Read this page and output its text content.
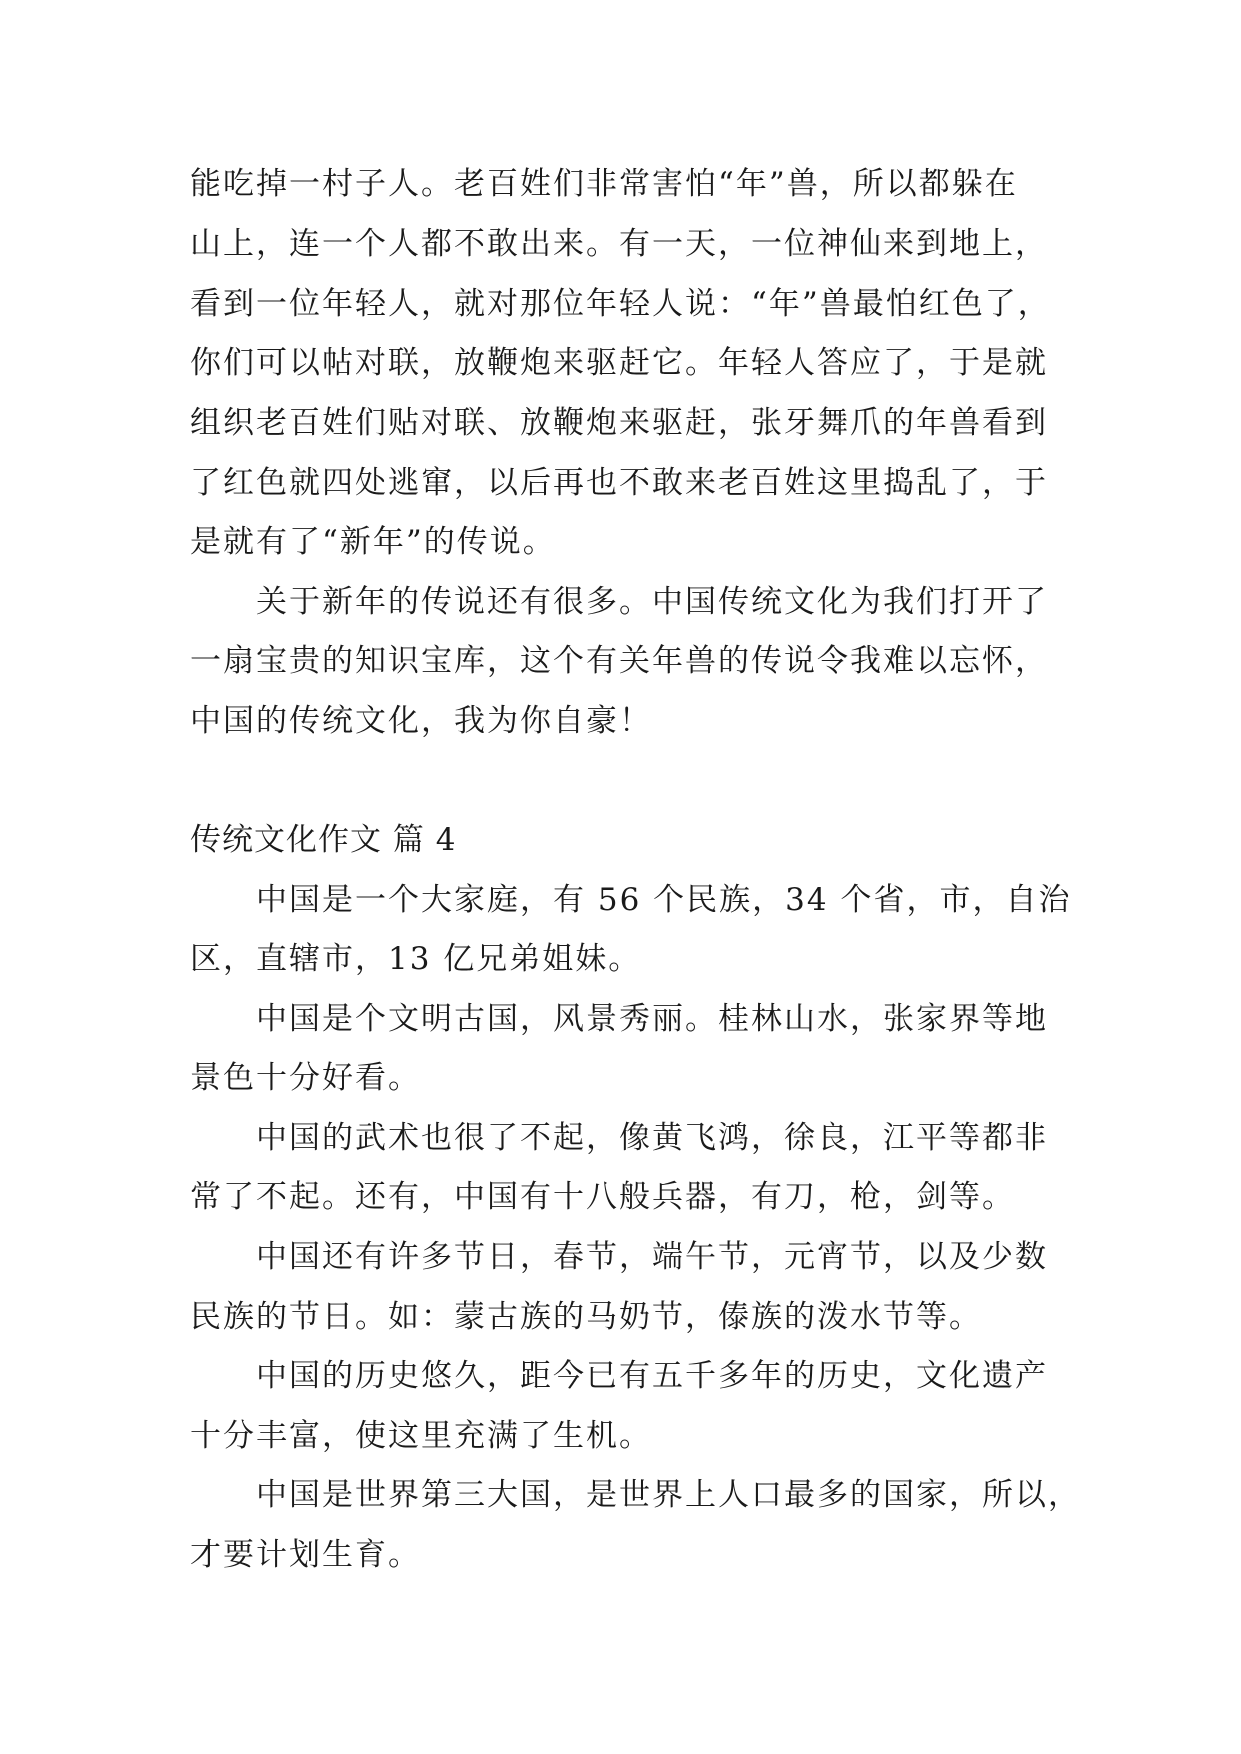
能吃掉一村子人。老百姓们非常害怕“年”兽，所以都躲在
山上，连一个人都不敢出来。有一天，一位神仙来到地上，
看到一位年轻人，就对那位年轻人说：“年”兽最怕红色了，
你们可以帖对联，放鞭炮来驱赶它。年轻人答应了，于是就
组织老百姓们贴对联、放鞭炮来驱赶，张牙舞爪的年兽看到
了红色就四处逃窜，以后再也不敢来老百姓这里捣乱了，于
是就有了“新年”的传说。
关于新年的传说还有很多。中国传统文化为我们打开了
一扇宝贵的知识宝库，这个有关年兽的传说令我难以忘怀，
中国的传统文化，我为你自豪！
传统文化作文 篇 4
中国是一个大家庭，有 56 个民族，34 个省，市，自治
区，直辖市，13 亿兄弟姐妹。
中国是个文明古国，风景秀丽。桂林山水，张家界等地
景色十分好看。
中国的武术也很了不起，像黄飞鸿，徐良，江平等都非
常了不起。还有，中国有十八般兵器，有刀，枪，剑等。
中国还有许多节日，春节，端午节，元宵节，以及少数
民族的节日。如：蒙古族的马奶节，傣族的泼水节等。
中国的历史悠久，距今已有五千多年的历史，文化遗产
十分丰富，使这里充满了生机。
中国是世界第三大国，是世界上人口最多的国家，所以，
才要计划生育。
